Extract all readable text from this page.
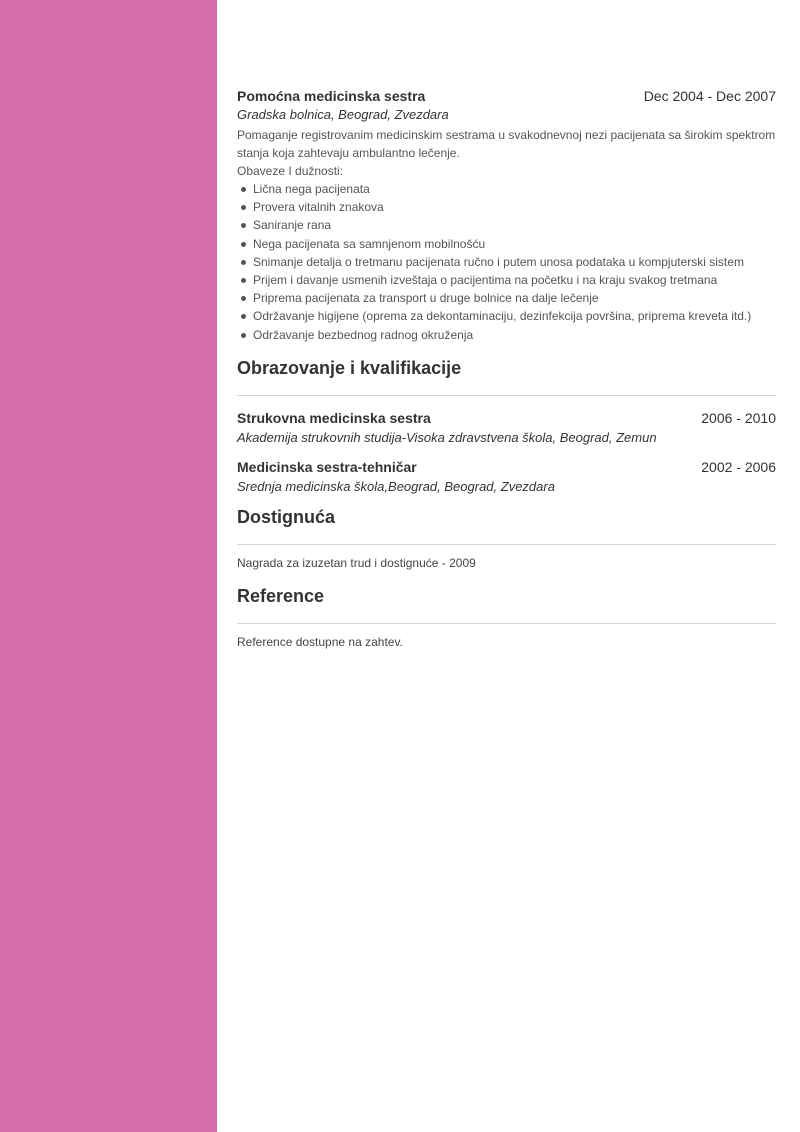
Pomoćna medicinska sestra	Dec 2004 - Dec 2007
Gradska bolnica, Beograd, Zvezdara
Pomaganje registrovanim medicinskim sestrama u svakodnevnoj nezi pacijenata sa širokim spektrom stanja koja zahtevaju ambulantno lečenje.
Obaveze I dužnosti:
Lična nega pacijenata
Provera vitalnih znakova
Saniranje rana
Nega pacijenata sa samnjenom mobilnošću
Snimanje detalja o tretmanu pacijenata ručno i putem unosa podataka u kompjuterski sistem
Prijem i davanje usmenih izveštaja o pacijentima na početku i na kraju svakog tretmana
Priprema pacijenata za transport u druge bolnice na dalje lečenje
Održavanje higijene (oprema za dekontaminaciju, dezinfekcija površina, priprema kreveta itd.)
Održavanje bezbednog radnog okruženja
Obrazovanje i kvalifikacije
Strukovna medicinska sestra	2006 - 2010
Akademija strukovnih studija-Visoka zdravstvena škola, Beograd, Zemun
Medicinska sestra-tehničar	2002 - 2006
Srednja medicinska škola,Beograd, Beograd, Zvezdara
Dostignuća
Nagrada za izuzetan trud i dostignuće - 2009
Reference
Reference dostupne na zahtev.
